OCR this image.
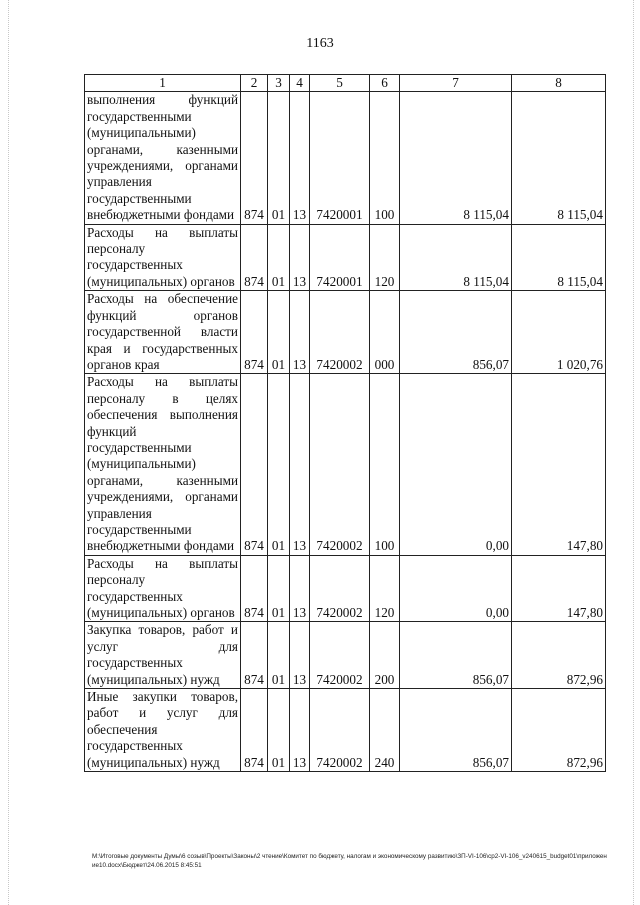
1163
1	2	3	4	5	6	7	8
выполнения функций государственными (муниципальными) органами, казенными учреждениями, органами управления государственными внебюджетными фондами	874	01	13	7420001	100	8 115,04	8 115,04
Расходы на выплаты персоналу государственных (муниципальных) органов	874	01	13	7420001	120	8 115,04	8 115,04
Расходы на обеспечение функций органов государственной власти края и государственных органов края	874	01	13	7420002	000	856,07	1 020,76
Расходы на выплаты персоналу в целях обеспечения выполнения функций государственными (муниципальными) органами, казенными учреждениями, органами управления государственными внебюджетными фондами	874	01	13	7420002	100	0,00	147,80
Расходы на выплаты персоналу государственных (муниципальных) органов	874	01	13	7420002	120	0,00	147,80
Закупка товаров, работ и услуг для государственных (муниципальных) нужд	874	01	13	7420002	200	856,07	872,96
Иные закупки товаров, работ и услуг для обеспечения государственных (муниципальных) нужд	874	01	13	7420002	240	856,07	872,96
M:\Итоговые документы Думы\6 созыв\Проекты\Законы\2 чтение\Комитет по бюджету, налогам и экономическому развитию\ЗП-VI-106\ср2-VI-106_v240615_budget01\приложение10.docx\Бюджет\24.06.2015 8:45:51
